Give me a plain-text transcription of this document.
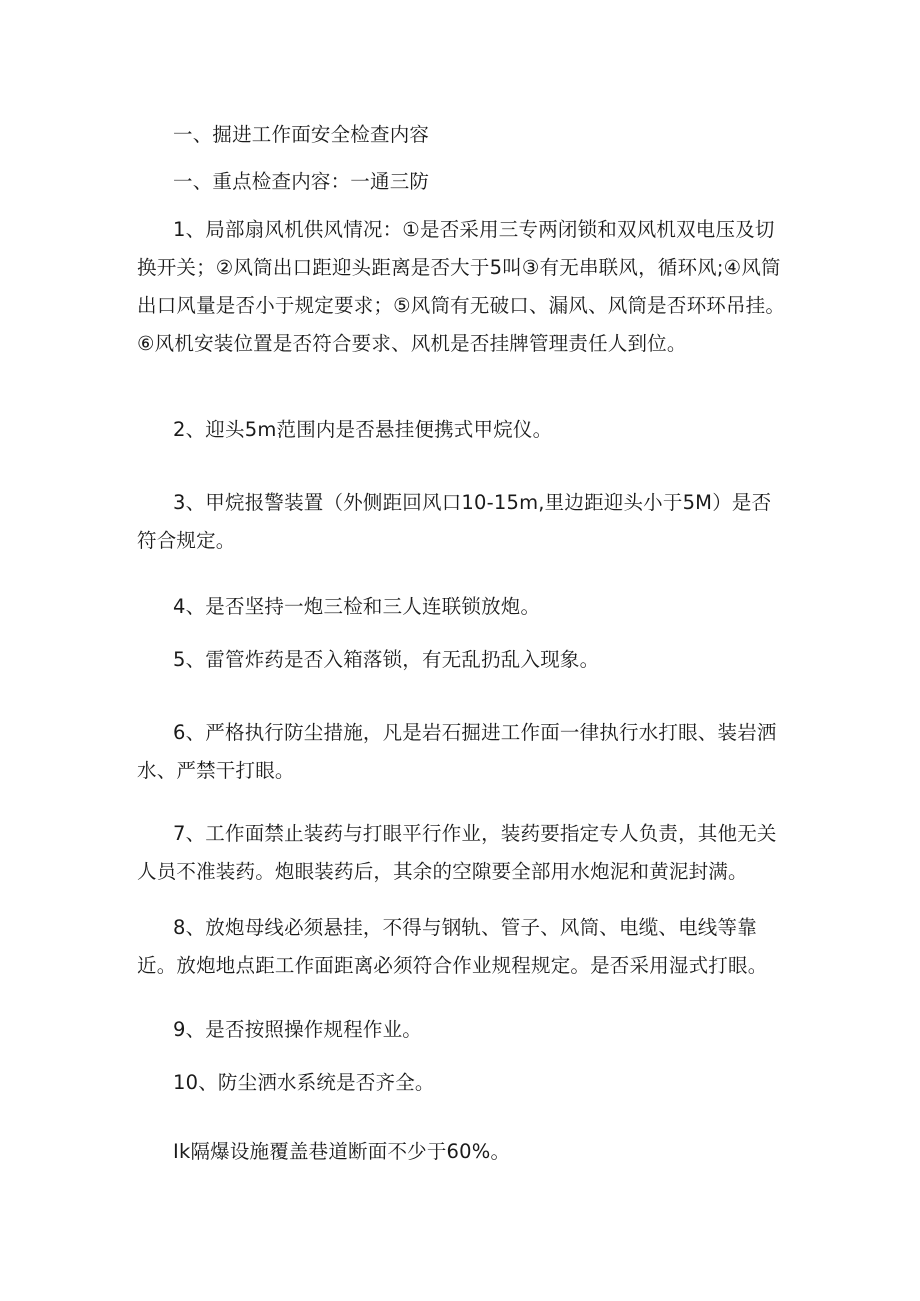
一、掘进工作面安全检查内容

一、重点检查内容：一通三防

1、局部扇风机供风情况：①是否采用三专两闭锁和双风机双电压及切换开关；②风筒出口距迎头距离是否大于5叫③有无串联风，循环风;④风筒出口风量是否小于规定要求；⑤风筒有无破口、漏风、风筒是否环环吊挂。⑥风机安装位置是否符合要求、风机是否挂牌管理责任人到位。

2、迎头5m范围内是否悬挂便携式甲烷仪。

3、甲烷报警装置（外侧距回风口10-15m,里边距迎头小于5M）是否符合规定。

4、是否坚持一炮三检和三人连联锁放炮。

5、雷管炸药是否入箱落锁，有无乱扔乱入现象。

6、严格执行防尘措施，凡是岩石掘进工作面一律执行水打眼、装岩洒水、严禁干打眼。

7、工作面禁止装药与打眼平行作业，装药要指定专人负责，其他无关人员不准装药。炮眼装药后，其余的空隙要全部用水炮泥和黄泥封满。

8、放炮母线必须悬挂，不得与钢轨、管子、风筒、电缆、电线等靠近。放炮地点距工作面距离必须符合作业规程规定。是否采用湿式打眼。

9、是否按照操作规程作业。

10、防尘洒水系统是否齐全。

Ik隔爆设施覆盖巷道断面不少于60%。
